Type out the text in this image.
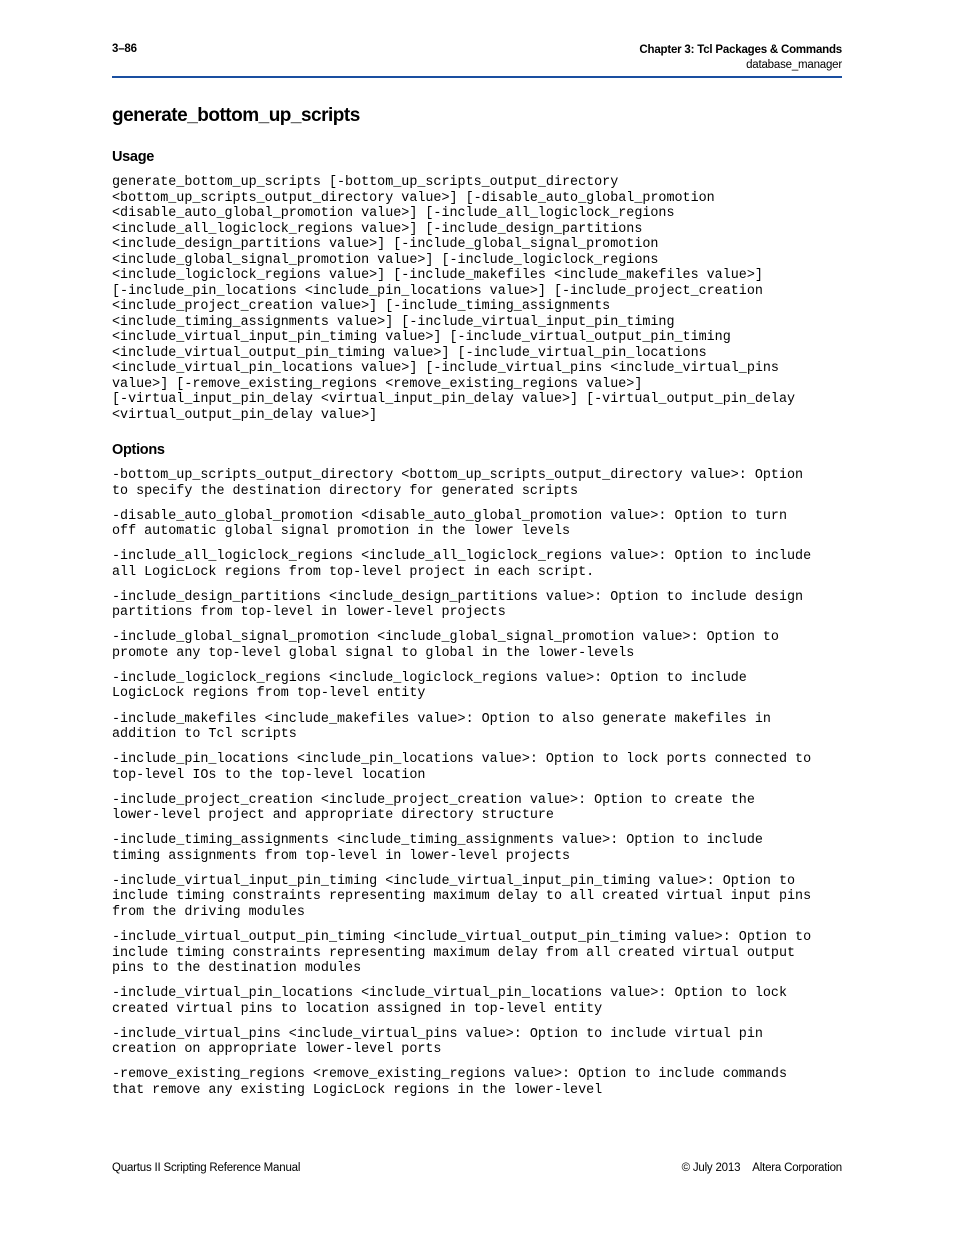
3–86	Chapter 3: Tcl Packages & Commands
database_manager
generate_bottom_up_scripts
Usage
generate_bottom_up_scripts [-bottom_up_scripts_output_directory
<bottom_up_scripts_output_directory value>] [-disable_auto_global_promotion
<disable_auto_global_promotion value>] [-include_all_logiclock_regions
<include_all_logiclock_regions value>] [-include_design_partitions
<include_design_partitions value>] [-include_global_signal_promotion
<include_global_signal_promotion value>] [-include_logiclock_regions
<include_logiclock_regions value>] [-include_makefiles <include_makefiles value>]
[-include_pin_locations <include_pin_locations value>] [-include_project_creation
<include_project_creation value>] [-include_timing_assignments
<include_timing_assignments value>] [-include_virtual_input_pin_timing
<include_virtual_input_pin_timing value>] [-include_virtual_output_pin_timing
<include_virtual_output_pin_timing value>] [-include_virtual_pin_locations
<include_virtual_pin_locations value>] [-include_virtual_pins <include_virtual_pins
value>] [-remove_existing_regions <remove_existing_regions value>]
[-virtual_input_pin_delay <virtual_input_pin_delay value>] [-virtual_output_pin_delay
<virtual_output_pin_delay value>]
Options

-bottom_up_scripts_output_directory <bottom_up_scripts_output_directory value>: Option
to specify the destination directory for generated scripts

-disable_auto_global_promotion <disable_auto_global_promotion value>: Option to turn
off automatic global signal promotion in the lower levels

-include_all_logiclock_regions <include_all_logiclock_regions value>: Option to include
all LogicLock regions from top-level project in each script.

-include_design_partitions <include_design_partitions value>: Option to include design
partitions from top-level in lower-level projects

-include_global_signal_promotion <include_global_signal_promotion value>: Option to
promote any top-level global signal to global in the lower-levels

-include_logiclock_regions <include_logiclock_regions value>: Option to include
LogicLock regions from top-level entity

-include_makefiles <include_makefiles value>: Option to also generate makefiles in
addition to Tcl scripts

-include_pin_locations <include_pin_locations value>: Option to lock ports connected to
top-level IOs to the top-level location

-include_project_creation <include_project_creation value>: Option to create the
lower-level project and appropriate directory structure

-include_timing_assignments <include_timing_assignments value>: Option to include
timing assignments from top-level in lower-level projects

-include_virtual_input_pin_timing <include_virtual_input_pin_timing value>: Option to
include timing constraints representing maximum delay to all created virtual input pins
from the driving modules

-include_virtual_output_pin_timing <include_virtual_output_pin_timing value>: Option to
include timing constraints representing maximum delay from all created virtual output
pins to the destination modules

-include_virtual_pin_locations <include_virtual_pin_locations value>: Option to lock
created virtual pins to location assigned in top-level entity

-include_virtual_pins <include_virtual_pins value>: Option to include virtual pin
creation on appropriate lower-level ports

-remove_existing_regions <remove_existing_regions value>: Option to include commands
that remove any existing LogicLock regions in the lower-level

Quartus II Scripting Reference Manual	© July 2013 Altera Corporation
